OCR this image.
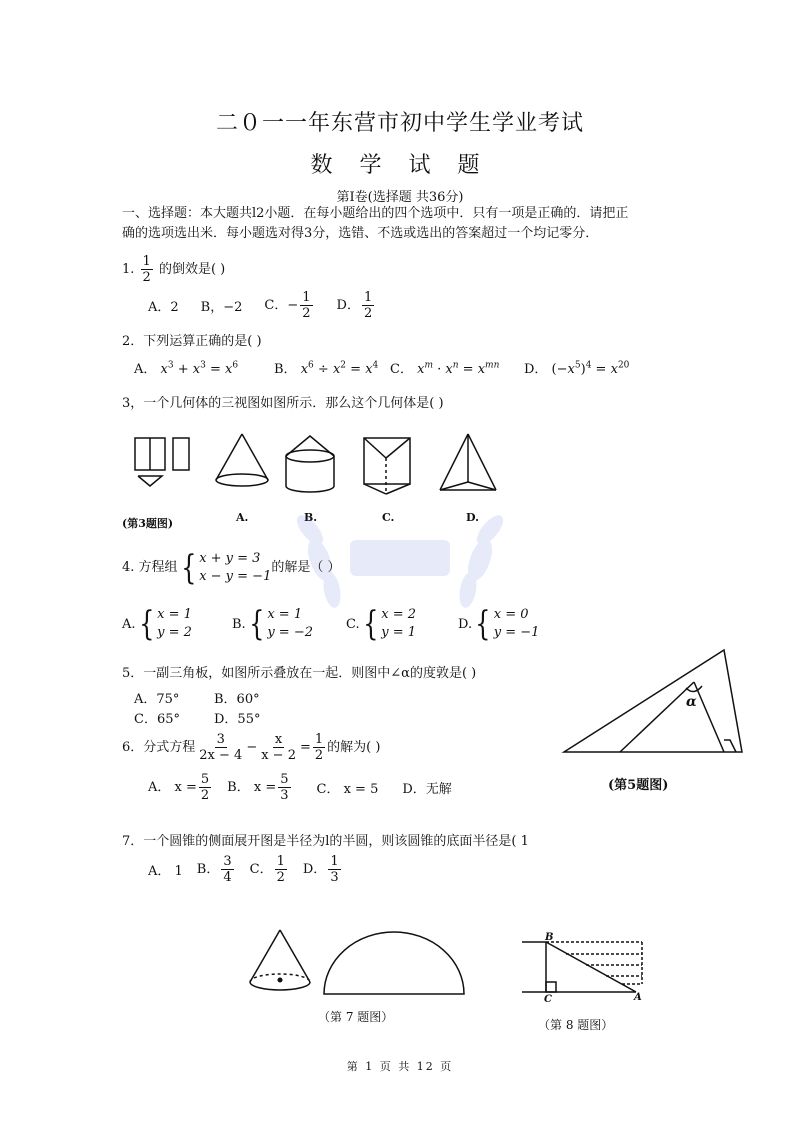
二０一一年东营市初中学生学业考试
数 学 试 题
第Ⅰ卷(选择题 共36分)
一、选择题：本大题共l2小题．在每小题给出的四个选项中．只有一项是正确的．请把正
确的选项选出米．每小题选对得3分，选错、不选或选出的答案超过一个均记零分．
1. $\frac{1}{2}$ 的倒效是( )
A．2 B，−2 C．− $\frac{1}{2}$ D． $\frac{1}{2}$
2．下列运算正确的是( )
A． $x^3 + x^3 = x^6$	B． $x^6 \div x^2 = x^4$ C． $x^m \cdot x^n = x^{mn}$ D． $(-x^5)^4 = x^{20}$
3，一个几何体的三视图如图所示．那么这个几何体是( )
(第3题图)	A.	B.	C.	D.
4. 方程组 { x + y = 3
x − y = −1
的解是（ ）
A. { x = 1
y = 2
B. { x = 1
y = −2
C. { x = 2
y = 1
D. { x = 0
y = −1
5．一副三角板，如图所示叠放在一起．则图中∠α的度敦是( )
A．75°	B．60°
C．65°	D．55°
α
(第5题图)
6．分式方程 $\frac{3}{2x - 4} - \frac{x}{x - 2} = \frac{1}{2}$ 的解为( )
A． $x = \frac{5}{2}$ B． $x = \frac{5}{3}$ C． x = 5 D．无解
7．一个圆锥的侧面展开图是半径为l的半圆，则该圆锥的底面半径是( 1
A． 1 B． $\frac{3}{4}$ C． $\frac{1}{2}$ D． $\frac{1}{3}$
（第 7 题图）
B
C	A
（第 8 题图）
第 1 页 共 12 页
